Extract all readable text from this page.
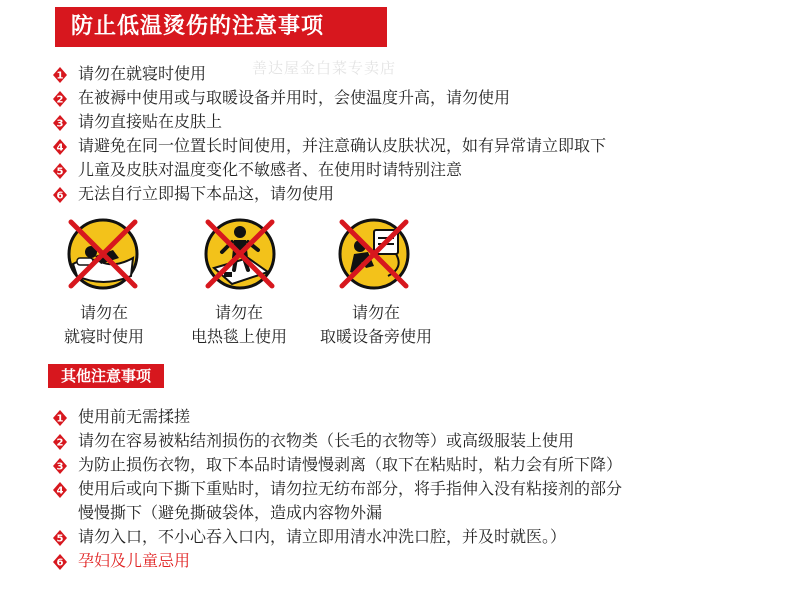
防止低温烫伤的注意事项
善达屋金白菜专卖店
1 请勿在就寝时使用
2 在被褥中使用或与取暖设备并用时，会使温度升高，请勿使用
3 请勿直接贴在皮肤上
4 请避免在同一位置长时间使用，并注意确认皮肤状况，如有异常请立即取下
5 儿童及皮肤对温度变化不敏感者、在使用时请特别注意
6 无法自行立即揭下本品这，请勿使用
请勿在
就寝时使用
请勿在
电热毯上使用
请勿在
取暖设备旁使用
其他注意事项
1 使用前无需揉搓
2 请勿在容易被粘结剂损伤的衣物类（长毛的衣物等）或高级服装上使用
3 为防止损伤衣物，取下本品时请慢慢剥离（取下在粘贴时，粘力会有所下降）
4 使用后或向下撕下重贴时，请勿拉无纺布部分，将手指伸入没有粘接剂的部分
慢慢撕下（避免撕破袋体，造成内容物外漏
5 请勿入口，不小心吞入口内，请立即用清水冲洗口腔，并及时就医。）
6 孕妇及儿童忌用
